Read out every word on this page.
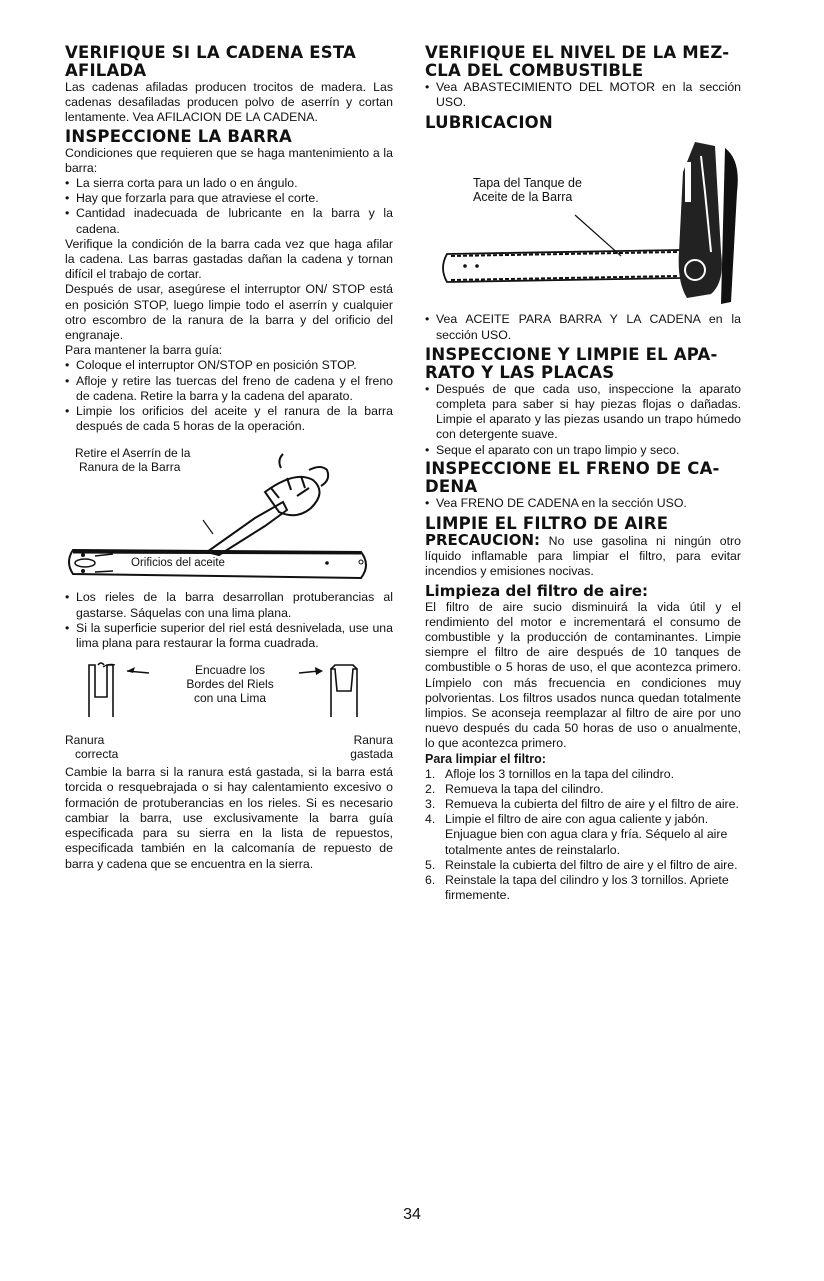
VERIFIQUE SI LA CADENA ESTA
AFILADA

Las cadenas afiladas producen trocitos de madera. Las cadenas desafiladas producen polvo de aserrín y cortan lentamente. Vea AFILACION DE LA CADENA.

INSPECCIONE LA BARRA

Condiciones que requieren que se haga mantenimiento a la barra:

• La sierra corta para un lado o en ángulo.
• Hay que forzarla para que atraviese el corte.
• Cantidad inadecuada de lubricante en la barra y la cadena.

Verifique la condición de la barra cada vez que haga afilar la cadena. Las barras gastadas dañan la cadena y tornan difícil el trabajo de cortar.

Después de usar, asegúrese el interruptor ON/ STOP está en posición STOP, luego limpie todo el aserrín y cualquier otro escombro de la ranura de la barra y del orificio del engranaje.

Para mantener la barra guía:

• Coloque el interruptor ON/STOP en posición STOP.
• Afloje y retire las tuercas del freno de cadena y el freno de cadena. Retire la barra y la cadena del aparato.
• Limpie los orificios del aceite y el ranura de la barra después de cada 5 horas de la operación.
Retire el Aserrín de la
Ranura de la Barra
Orificios del aceite
• Los rieles de la barra desarrollan protuberancias al gastarse. Sáquelas con una lima plana.
• Si la superficie superior del riel está desnivelada, use una lima plana para restaurar la forma cuadrada.
Encuadre los
Bordes del Riels
con una Lima
Ranura
correcta
Ranura
gastada

Cambie la barra si la ranura está gastada, si la barra está torcida o resquebrajada o si hay calentamiento excesivo o formación de protuberancias en los rieles. Si es necesario cambiar la barra, use exclusivamente la barra guía especificada para su sierra en la lista de repuestos, especificada también en la calcomanía de repuesto de barra y cadena que se encuentra en la sierra.

VERIFIQUE EL NIVEL DE LA MEZ-
CLA DEL COMBUSTIBLE
• Vea ABASTECIMIENTO DEL MOTOR en la sección USO.
LUBRICACION
Tapa del Tanque de
Aceite de la Barra
• Vea ACEITE PARA BARRA Y LA CADENA en la sección USO.
INSPECCIONE Y LIMPIE EL APA-
RATO Y LAS PLACAS
• Después de que cada uso, inspeccione la aparato completa para saber si hay piezas flojas o dañadas. Limpie el aparato y las piezas usando un trapo húmedo con detergente suave.
• Seque el aparato con un trapo limpio y seco.
INSPECCIONE EL FRENO DE CA-
DENA
• Vea FRENO DE CADENA en la sección USO.
LIMPIE EL FILTRO DE AIRE

PRECAUCION: No use gasolina ni ningún otro líquido inflamable para limpiar el filtro, para evitar incendios y emisiones nocivas.

Limpieza del filtro de aire:

El filtro de aire sucio disminuirá la vida útil y el rendimiento del motor e incrementará el consumo de combustible y la producción de contaminantes. Limpie siempre el filtro de aire después de 10 tanques de combustible o 5 horas de uso, el que acontezca primero. Límpielo con más frecuencia en condiciones muy polvorientas. Los filtros usados nunca quedan totalmente limpios. Se aconseja reemplazar al filtro de aire por uno nuevo después du cada 50 horas de uso o anualmente, lo que acontezca primero.

Para limpiar el filtro:
1. Afloje los 3 tornillos en la tapa del cilindro.
2. Remueva la tapa del cilindro.
3. Remueva la cubierta del filtro de aire y el filtro de aire.
4. Limpie el filtro de aire con agua caliente y jabón. Enjuague bien con agua clara y fría. Séquelo al aire totalmente antes de reinstalarlo.
5. Reinstale la cubierta del filtro de aire y el filtro de aire.
6. Reinstale la tapa del cilindro y los 3 tornillos. Apriete firmemente.
34
